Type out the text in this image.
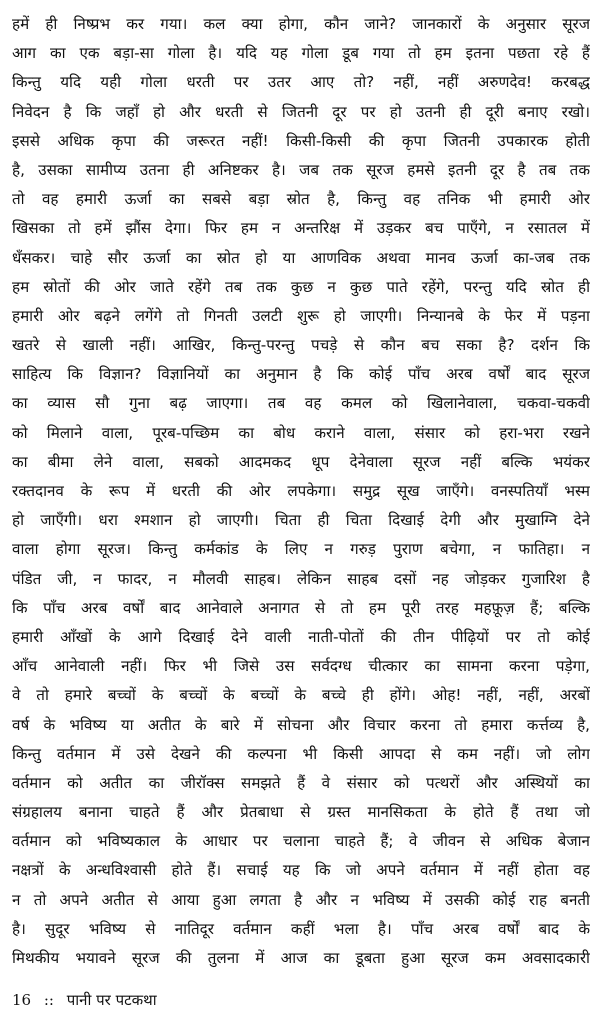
हमें ही निष्प्रभ कर गया। कल क्या होगा, कौन जाने? जानकारों के अनुसार सूरज
आग का एक बड़ा-सा गोला है। यदि यह गोला डूब गया तो हम इतना पछता रहे हैं
किन्तु यदि यही गोला धरती पर उतर आए तो? नहीं, नहीं अरुणदेव! करबद्ध
निवेदन है कि जहाँ हो और धरती से जितनी दूर पर हो उतनी ही दूरी बनाए रखो।
इससे अधिक कृपा की जरूरत नहीं! किसी-किसी की कृपा जितनी उपकारक होती
है, उसका सामीप्य उतना ही अनिष्टकर है। जब तक सूरज हमसे इतनी दूर है तब तक
तो वह हमारी ऊर्जा का सबसे बड़ा स्रोत है, किन्तु वह तनिक भी हमारी ओर
खिसका तो हमें झौंस देगा। फिर हम न अन्तरिक्ष में उड़कर बच पाएँगे, न रसातल में
धँसकर। चाहे सौर ऊर्जा का स्रोत हो या आणविक अथवा मानव ऊर्जा का-जब तक
हम स्रोतों की ओर जाते रहेंगे तब तक कुछ न कुछ पाते रहेंगे, परन्तु यदि स्रोत ही
हमारी ओर बढ़ने लगेंगे तो गिनती उलटी शुरू हो जाएगी। निन्यानबे के फेर में पड़ना
खतरे से खाली नहीं। आखिर, किन्तु-परन्तु पचड़े से कौन बच सका है? दर्शन कि
साहित्य कि विज्ञान? विज्ञानियों का अनुमान है कि कोई पाँच अरब वर्षों बाद सूरज
का व्यास सौ गुना बढ़ जाएगा। तब वह कमल को खिलानेवाला, चकवा-चकवी
को मिलाने वाला, पूरब-पच्छिम का बोध कराने वाला, संसार को हरा-भरा रखने
का बीमा लेने वाला, सबको आदमकद धूप देनेवाला सूरज नहीं बल्कि भयंकर
रक्तदानव के रूप में धरती की ओर लपकेगा। समुद्र सूख जाएँगे। वनस्पतियाँ भस्म
हो जाएँगी। धरा श्मशान हो जाएगी। चिता ही चिता दिखाई देगी और मुखाग्नि देने
वाला होगा सूरज। किन्तु कर्मकांड के लिए न गरुड़ पुराण बचेगा, न फातिहा। न
पंडित जी, न फादर, न मौलवी साहब। लेकिन साहब दसों नह जोड़कर गुजारिश है
कि पाँच अरब वर्षों बाद आनेवाले अनागत से तो हम पूरी तरह महफ़ूज़ हैं; बल्कि
हमारी आँखों के आगे दिखाई देने वाली नाती-पोतों की तीन पीढ़ियों पर तो कोई
आँच आनेवाली नहीं। फिर भी जिसे उस सर्वदग्ध चीत्कार का सामना करना पड़ेगा,
वे तो हमारे बच्चों के बच्चों के बच्चों के बच्चे ही होंगे। ओह! नहीं, नहीं, अरबों
वर्ष के भविष्य या अतीत के बारे में सोचना और विचार करना तो हमारा कर्त्तव्य है,
किन्तु वर्तमान में उसे देखने की कल्पना भी किसी आपदा से कम नहीं। जो लोग
वर्तमान को अतीत का जीरॉक्स समझते हैं वे संसार को पत्थरों और अस्थियों का
संग्रहालय बनाना चाहते हैं और प्रेतबाधा से ग्रस्त मानसिकता के होते हैं तथा जो
वर्तमान को भविष्यकाल के आधार पर चलाना चाहते हैं; वे जीवन से अधिक बेजान
नक्षत्रों के अन्धविश्वासी होते हैं। सचाई यह कि जो अपने वर्तमान में नहीं होता वह
न तो अपने अतीत से आया हुआ लगता है और न भविष्य में उसकी कोई राह बनती
है। सुदूर भविष्य से नातिदूर वर्तमान कहीं भला है। पाँच अरब वर्षों बाद के
मिथकीय भयावने सूरज की तुलना में आज का डूबता हुआ सूरज कम अवसादकारी
16 :: पानी पर पटकथा
